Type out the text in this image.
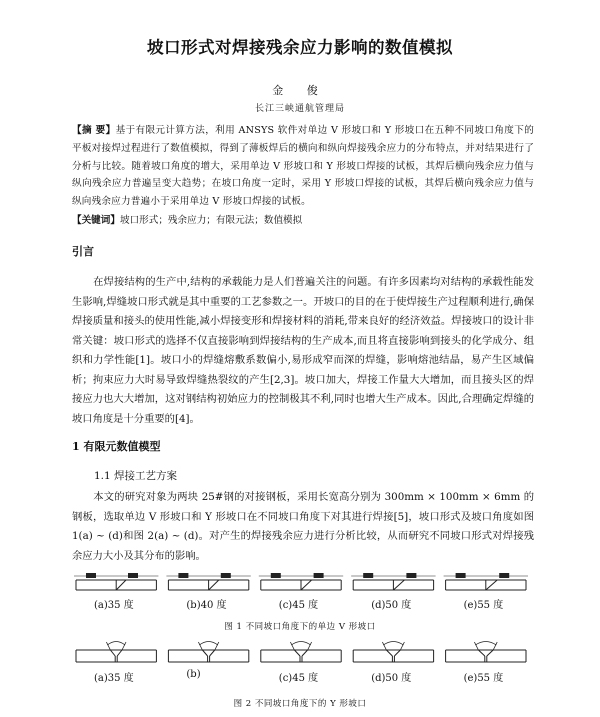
坡口形式对焊接残余应力影响的数值模拟
金 俊
长江三峡通航管理局
【摘 要】基于有限元计算方法，利用 ANSYS 软件对单边 V 形坡口和 Y 形坡口在五种不同坡口角度下的平板对接焊过程进行了数值模拟，得到了薄板焊后的横向和纵向焊接残余应力的分布特点，并对结果进行了分析与比较。随着坡口角度的增大，采用单边 V 形坡口和 Y 形坡口焊接的试板，其焊后横向残余应力值与纵向残余应力普遍呈变大趋势；在坡口角度一定时，采用 Y 形坡口焊接的试板，其焊后横向残余应力值与纵向残余应力普遍小于采用单边 V 形坡口焊接的试板。
【关键词】坡口形式；残余应力；有限元法；数值模拟
引言
在焊接结构的生产中,结构的承载能力是人们普遍关注的问题。有许多因素均对结构的承载性能发生影响,焊缝坡口形式就是其中重要的工艺参数之一。开坡口的目的在于使焊接生产过程顺利进行,确保焊接质量和接头的使用性能,减小焊接变形和焊接材料的消耗,带来良好的经济效益。焊接坡口的设计非常关键：坡口形式的选择不仅直接影响到焊接结构的生产成本,而且将直接影响到接头的化学成分、组织和力学性能[1]。坡口小的焊缝熔敷系数偏小,易形成窄而深的焊缝，影响熔池结晶，易产生区域偏析；拘束应力大时易导致焊缝热裂纹的产生[2,3]。坡口加大，焊接工作量大大增加，而且接头区的焊接应力也大大增加，这对钢结构初始应力的控制极其不利,同时也增大生产成本。因此,合理确定焊缝的坡口角度是十分重要的[4]。
1 有限元数值模型
1.1 焊接工艺方案
本文的研究对象为两块 25#钢的对接钢板，采用长宽高分别为 300mm × 100mm × 6mm 的钢板，选取单边 V 形坡口和 Y 形坡口在不同坡口角度下对其进行焊接[5]，坡口形式及坡口角度如图 1(a) ~ (d)和图 2(a) ~ (d)。对产生的焊接残余应力进行分析比较，从而研究不同坡口形式对焊接残余应力大小及其分布的影响。
(a)35 度	(b)40 度	(c)45 度	(d)50 度	(e)55 度
图 1 不同坡口角度下的单边 V 形坡口
(a)35 度	(b)	(c)45 度	(d)50 度	(e)55 度
图 2 不同坡口角度下的 Y 形坡口
